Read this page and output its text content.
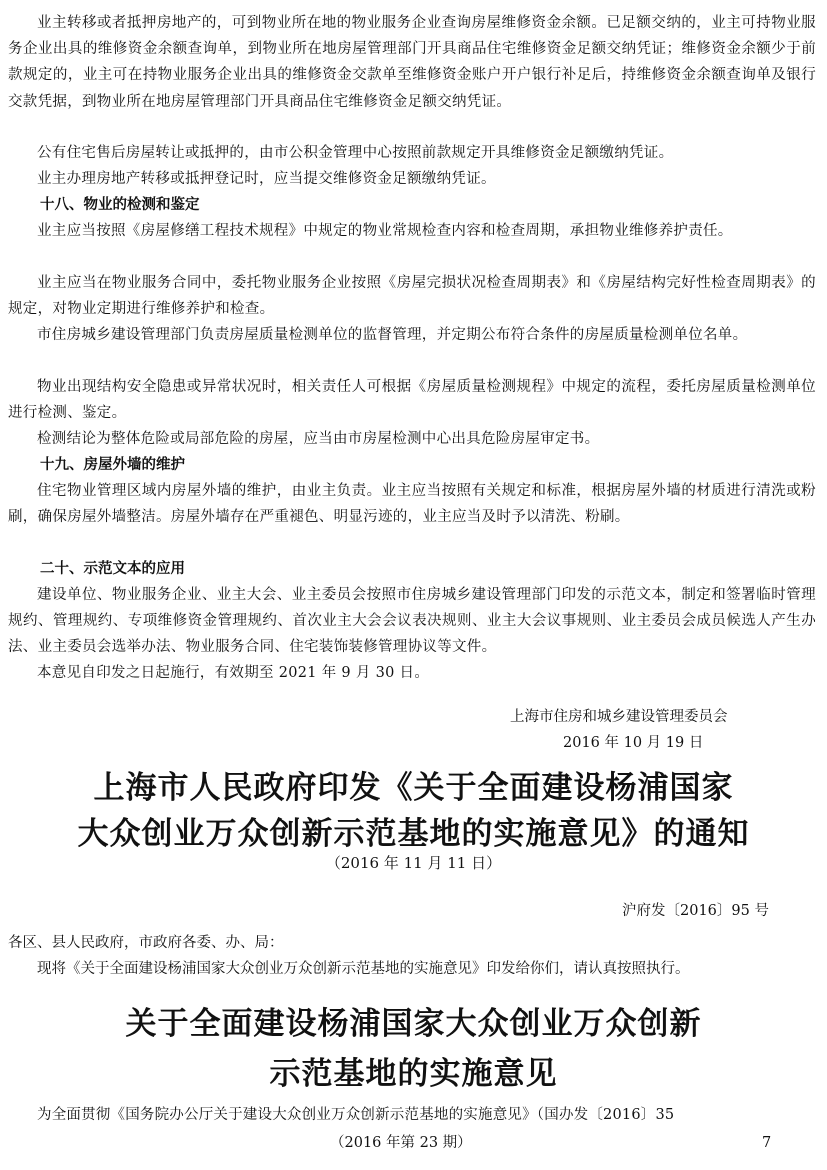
业主转移或者抵押房地产的，可到物业所在地的物业服务企业查询房屋维修资金余额。已足额交纳的，业主可持物业服务企业出具的维修资金余额查询单，到物业所在地房屋管理部门开具商品住宅维修资金足额交纳凭证；维修资金余额少于前款规定的，业主可在持物业服务企业出具的维修资金交款单至维修资金账户开户银行补足后，持维修资金余额查询单及银行交款凭据，到物业所在地房屋管理部门开具商品住宅维修资金足额交纳凭证。

公有住宅售后房屋转让或抵押的，由市公积金管理中心按照前款规定开具维修资金足额缴纳凭证。

业主办理房地产转移或抵押登记时，应当提交维修资金足额缴纳凭证。

十八、物业的检测和鉴定

业主应当按照《房屋修缮工程技术规程》中规定的物业常规检查内容和检查周期，承担物业维修养护责任。

业主应当在物业服务合同中，委托物业服务企业按照《房屋完损状况检查周期表》和《房屋结构完好性检查周期表》的规定，对物业定期进行维修养护和检查。

市住房城乡建设管理部门负责房屋质量检测单位的监督管理，并定期公布符合条件的房屋质量检测单位名单。

物业出现结构安全隐患或异常状况时，相关责任人可根据《房屋质量检测规程》中规定的流程，委托房屋质量检测单位进行检测、鉴定。

检测结论为整体危险或局部危险的房屋，应当由市房屋检测中心出具危险房屋审定书。

十九、房屋外墙的维护

住宅物业管理区域内房屋外墙的维护，由业主负责。业主应当按照有关规定和标准，根据房屋外墙的材质进行清洗或粉刷，确保房屋外墙整洁。房屋外墙存在严重褪色、明显污迹的，业主应当及时予以清洗、粉刷。

二十、示范文本的应用

建设单位、物业服务企业、业主大会、业主委员会按照市住房城乡建设管理部门印发的示范文本，制定和签署临时管理规约、管理规约、专项维修资金管理规约、首次业主大会会议表决规则、业主大会议事规则、业主委员会成员候选人产生办法、业主委员会选举办法、物业服务合同、住宅装饰装修管理协议等文件。

本意见自印发之日起施行，有效期至 2021 年 9 月 30 日。

上海市住房和城乡建设管理委员会

2016 年 10 月 19 日

上海市人民政府印发《关于全面建设杨浦国家

大众创业万众创新示范基地的实施意见》的通知

（2016 年 11 月 11 日）

沪府发〔2016〕95 号

各区、县人民政府，市政府各委、办、局：

现将《关于全面建设杨浦国家大众创业万众创新示范基地的实施意见》印发给你们，请认真按照执行。

关于全面建设杨浦国家大众创业万众创新

示范基地的实施意见

为全面贯彻《国务院办公厅关于建设大众创业万众创新示范基地的实施意见》（国办发〔2016〕35

（2016 年第 23 期）	7
